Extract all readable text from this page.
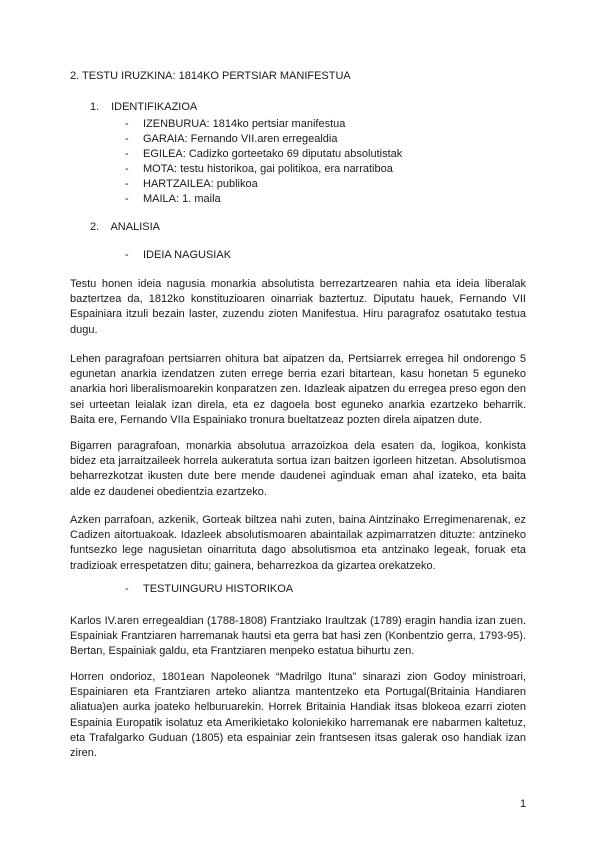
2. TESTU IRUZKINA: 1814KO PERTSIAR MANIFESTUA
1. IDENTIFIKAZIOA
- IZENBURUA: 1814ko pertsiar manifestua
- GARAIA: Fernando VII.aren erregealdia
- EGILEA: Cadizko gorteetako 69 diputatu absolutistak
- MOTA: testu historikoa, gai politikoa, era narratiboa
- HARTZAILEA: publikoa
- MAILA: 1. maila
2. ANALISIA
- IDEIA NAGUSIAK

Testu honen ideia nagusia monarkia absolutista berrezartzearen nahia eta ideia liberalak baztertzea da, 1812ko konstituzioaren oinarriak baztertuz. Diputatu hauek, Fernando VII Espainiara itzuli bezain laster, zuzendu zioten Manifestua. Hiru paragrafoz osatutako testua dugu.

Lehen paragrafoan pertsiarren ohitura bat aipatzen da, Pertsiarrek erregea hil ondorengo 5 egunetan anarkia izendatzen zuten errege berria ezari bitartean, kasu honetan 5 eguneko anarkia hori liberalismoarekin konparatzen zen. Idazleak aipatzen du erregea preso egon den sei urteetan leialak izan direla, eta ez dagoela bost eguneko anarkia ezartzeko beharrik. Baita ere, Fernando VIIa Espainiako tronura bueltatzeaz pozten direla aipatzen dute.

Bigarren paragrafoan, monarkia absolutua arrazoizkoa dela esaten da, logikoa, konkista bidez eta jarraitzaileek horrela aukeratuta sortua izan baitzen igorleen hitzetan. Absolutismoa beharrezkotzat ikusten dute bere mende daudenei aginduak eman ahal izateko, eta baita alde ez daudenei obedientzia ezartzeko.

Azken parrafoan, azkenik, Gorteak biltzea nahi zuten, baina Aintzinako Erregimenarenak, ez Cadizen aitortuakoak. Idazleek absolutismoaren abaintailak azpimarratzen dituzte: antzineko funtsezko lege nagusietan oinarrituta dago absolutismoa eta antzinako legeak, foruak eta tradizioak errespetatzen ditu; gainera, beharrezkoa da gizartea orekatzeko.

- TESTUINGURU HISTORIKOA

Karlos IV.aren erregealdian (1788-1808) Frantziako Iraultzak (1789) eragin handia izan zuen. Espainiak Frantziaren harremanak hautsi eta gerra bat hasi zen (Konbentzio gerra, 1793-95). Bertan, Espainiak galdu, eta Frantziaren menpeko estatua bihurtu zen.

Horren ondorioz, 1801ean Napoleonek “Madrilgo Ituna” sinarazi zion Godoy ministroari, Espainiaren eta Frantziaren arteko aliantza mantentzeko eta Portugal(Britainia Handiaren aliatua)en aurka joateko helburuarekin. Horrek Britainia Handiak itsas blokeoa ezarri zioten Espainia Europatik isolatuz eta Amerikietako koloniekiko harremanak ere nabarmen kaltetuz, eta Trafalgarko Guduan (1805) eta espainiar zein frantsesen itsas galerak oso handiak izan ziren.

1
